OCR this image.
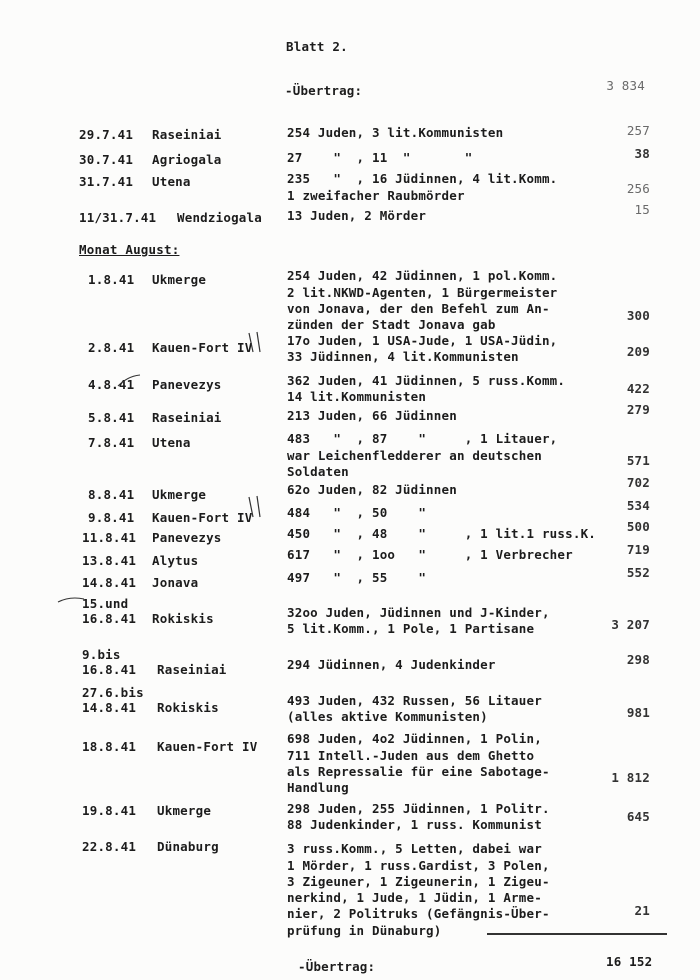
Blatt 2.
-Übertrag:	3 834
29.7.41 Raseiniai	254 Juden, 3 lit.Kommunisten	257
30.7.41 Agriogala	27    "  , 11  "       "	38
31.7.41 Utena	235   "  , 16 Jüdinnen, 4 lit.Komm.
1 zweifacher Raubmörder	256
11/31.7.41 Wendziogala 13 Juden, 2 Mörder	15
Monat August:
1.8.41 Ukmerge	254 Juden, 42 Jüdinnen, 1 pol.Komm.
2 lit.NKWD-Agenten, 1 Bürgermeister
von Jonava, der den Befehl zum An-
zünden der Stadt Jonava gab
300
2.8.41 Kauen-Fort IV	17o Juden, 1 USA-Jude, 1 USA-Jüdin,
33 Jüdinnen, 4 lit.Kommunisten	209
4.8.41 Panevezys	362 Juden, 41 Jüdinnen, 5 russ.Komm.
14 lit.Kommunisten
422
5.8.41 Raseiniai	213 Juden, 66 Jüdinnen	279
7.8.41 Utena	483   "  , 87    "     , 1 Litauer,
war Leichenfledderer an deutschen
Soldaten
571
8.8.41 Ukmerge	62o Juden, 82 Jüdinnen	702
9.8.41 Kauen-Fort IV	484   "  , 50    "	534
11.8.41 Panevezys	450   "  , 48    "     , 1 lit.1 russ.K. 500
13.8.41 Alytus	617   "  , 1oo   "     , 1 Verbrecher	719
14.8.41 Jonava	497   "  , 55    "	552
15.und
16.8.41 Rokiskis	32oo Juden, Jüdinnen und J-Kinder,
5 lit.Komm., 1 Pole, 1 Partisane	3 207
9.bis
16.8.41 Raseiniai	294 Jüdinnen, 4 Judenkinder	298
27.6.bis
14.8.41 Rokiskis	493 Juden, 432 Russen, 56 Litauer
(alles aktive Kommunisten)	981
18.8.41 Kauen-Fort IV
698 Juden, 4o2 Jüdinnen, 1 Polin,
711 Intell.-Juden aus dem Ghetto
als Repressalie für eine Sabotage-
Handlung
1 812
19.8.41 Ukmerge	298 Juden, 255 Jüdinnen, 1 Politr.
88 Judenkinder, 1 russ. Kommunist
645
22.8.41 Dünaburg	3 russ.Komm., 5 Letten, dabei war
1 Mörder, 1 russ.Gardist, 3 Polen,
3 Zigeuner, 1 Zigeunerin, 1 Zigeu-
nerkind, 1 Jude, 1 Jüdin, 1 Arme-
nier, 2 Politruks (Gefängnis-Über-
prüfung in Dünaburg)
21
-Übertrag:	16 152
